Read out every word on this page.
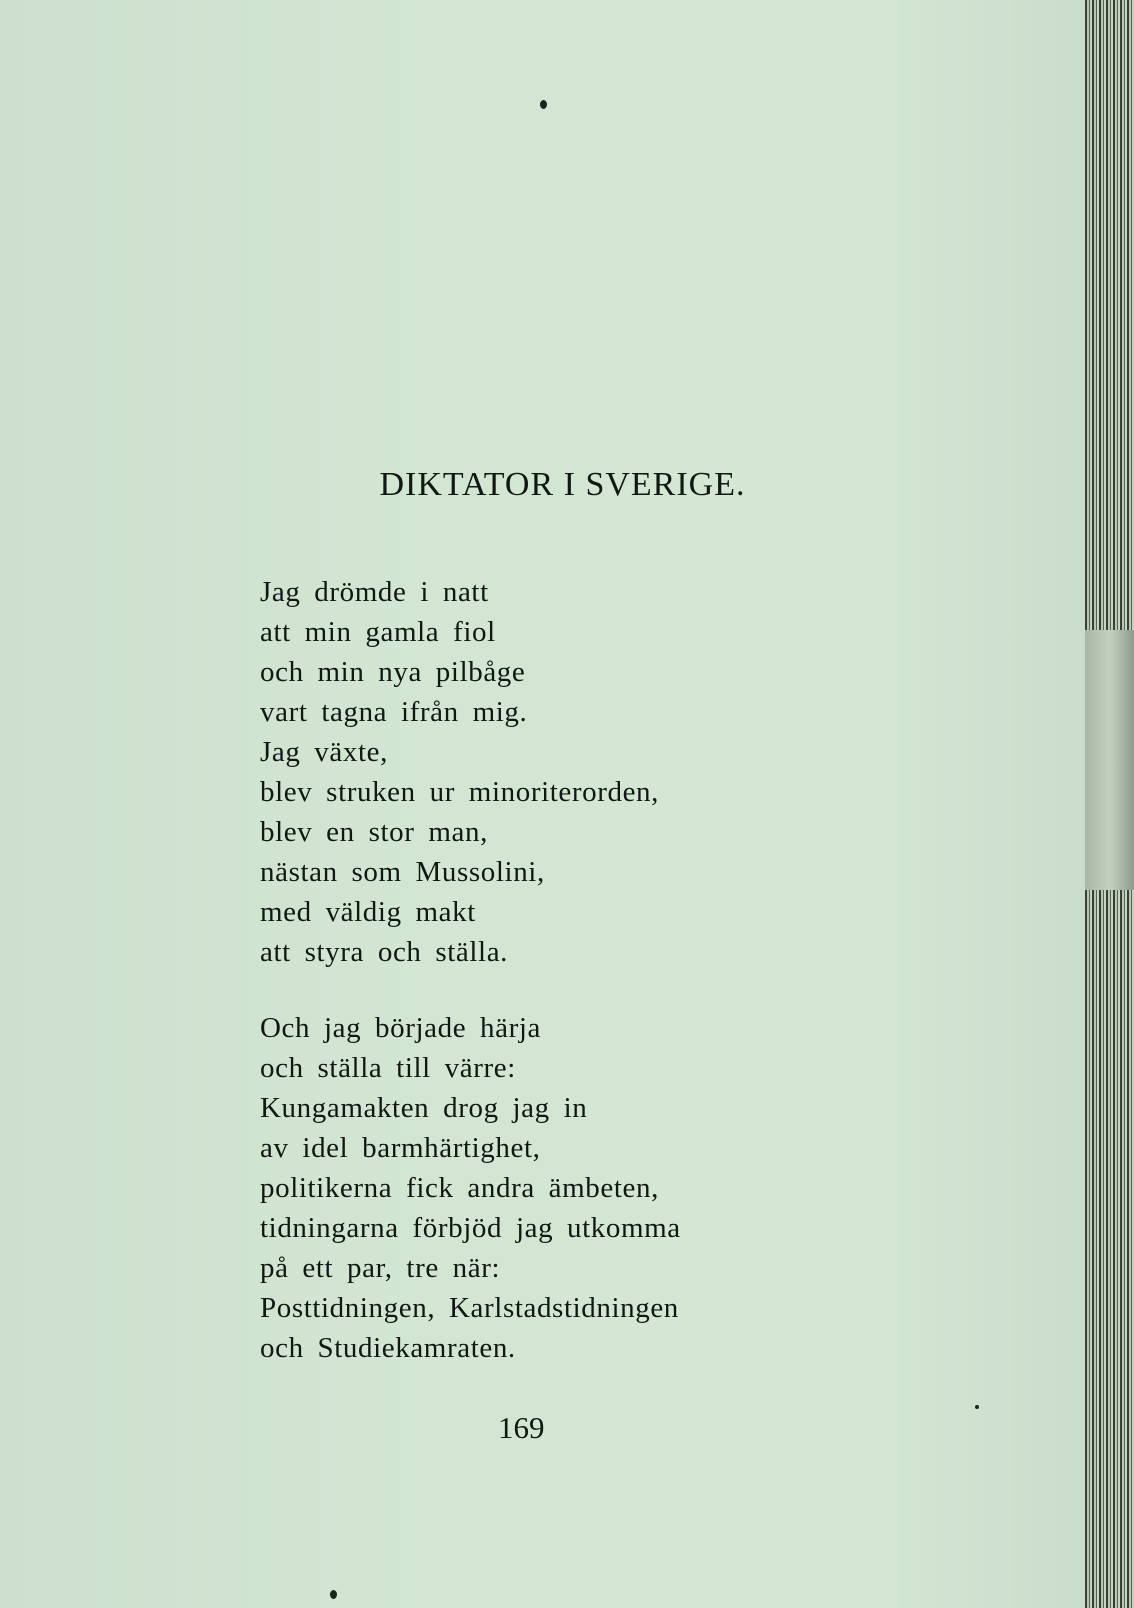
DIKTATOR I SVERIGE.
Jag drömde i natt
att min gamla fiol
och min nya pilbåge
vart tagna ifrån mig.
Jag växte,
blev struken ur minoriterorden,
blev en stor man,
nästan som Mussolini,
med väldig makt
att styra och ställa.
Och jag började härja
och ställa till värre:
Kungamakten drog jag in
av idel barmhärtighet,
politikerna fick andra ämbeten,
tidningarna förbjöd jag utkomma
på ett par, tre när:
Posttidningen, Karlstadstidningen
och Studiekamraten.
169
